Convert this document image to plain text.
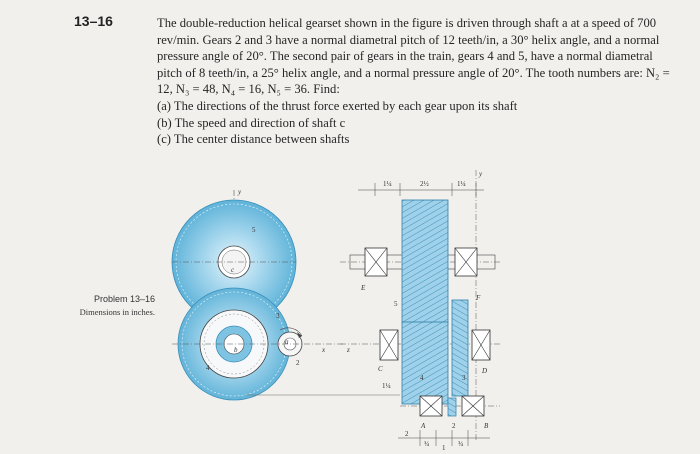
13–16	The double-reduction helical gearset shown in the figure is driven through shaft a at a speed of 700 rev/min. Gears 2 and 3 have a normal diametral pitch of 12 teeth/in, a 30° helix angle, and a normal pressure angle of 20°. The second pair of gears in the train, gears 4 and 5, have a normal diametral pitch of 8 teeth/in, a 25° helix angle, and a normal pressure angle of 20°. The tooth numbers are: N₂ = 12, N₃ = 48, N₄ = 16, N₅ = 36. Find:

(a) The directions of the thrust force exerted by each gear upon its shaft
(b) The speed and direction of shaft c
(c) The center distance between shafts
Problem 13–16
Dimensions in inches.
y
c
5
b
4
3
a
2
x
1¼	2½	1¼
y
E
F
5
4	3
C
1¼
D
2
A	B
z
2
¾ 1 ¾
